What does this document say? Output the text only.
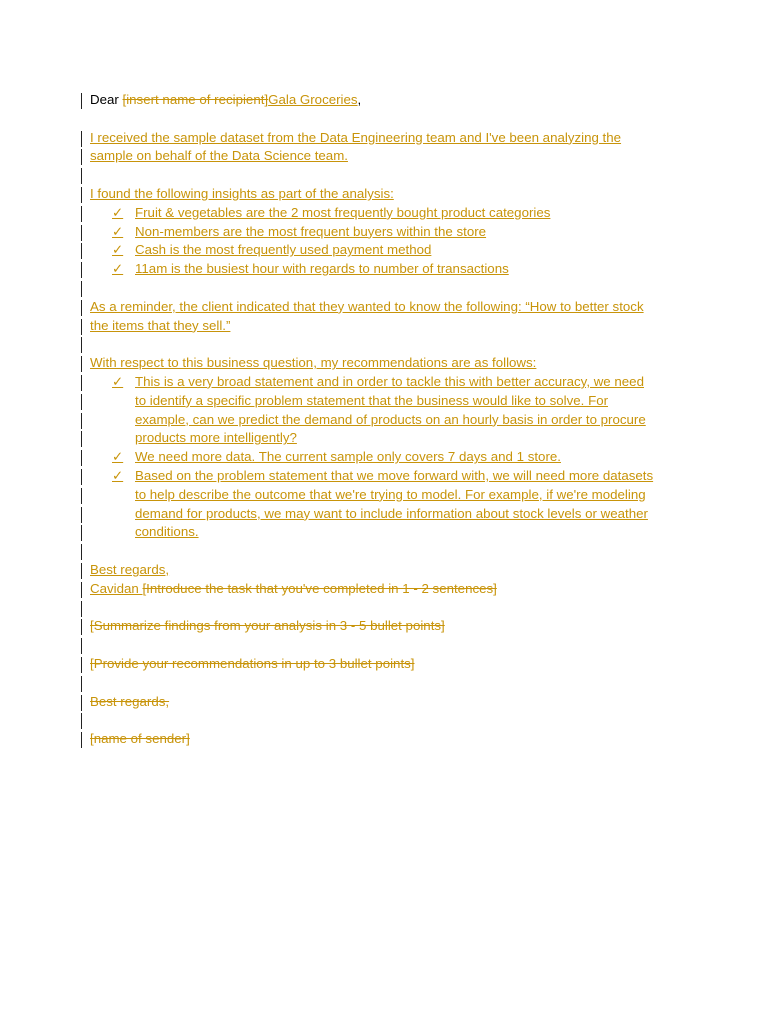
Dear [insert name of recipient]Gala Groceries,
I received the sample dataset from the Data Engineering team and I've been analyzing the
sample on behalf of the Data Science team.
I found the following insights as part of the analysis:
✓ Fruit & vegetables are the 2 most frequently bought product categories
✓ Non-members are the most frequent buyers within the store
✓ Cash is the most frequently used payment method
✓ 11am is the busiest hour with regards to number of transactions
As a reminder, the client indicated that they wanted to know the following: “How to better stock
the items that they sell.”
With respect to this business question, my recommendations are as follows:
✓ This is a very broad statement and in order to tackle this with better accuracy, we need
to identify a specific problem statement that the business would like to solve. For
example, can we predict the demand of products on an hourly basis in order to procure
products more intelligently?
✓ We need more data. The current sample only covers 7 days and 1 store.
✓ Based on the problem statement that we move forward with, we will need more datasets
to help describe the outcome that we're trying to model. For example, if we're modeling
demand for products, we may want to include information about stock levels or weather
conditions.
Best regards,
Cavidan [Introduce the task that you've completed in 1 - 2 sentences]
[Summarize findings from your analysis in 3 - 5 bullet points]
[Provide your recommendations in up to 3 bullet points]
Best regards,
[name of sender]
